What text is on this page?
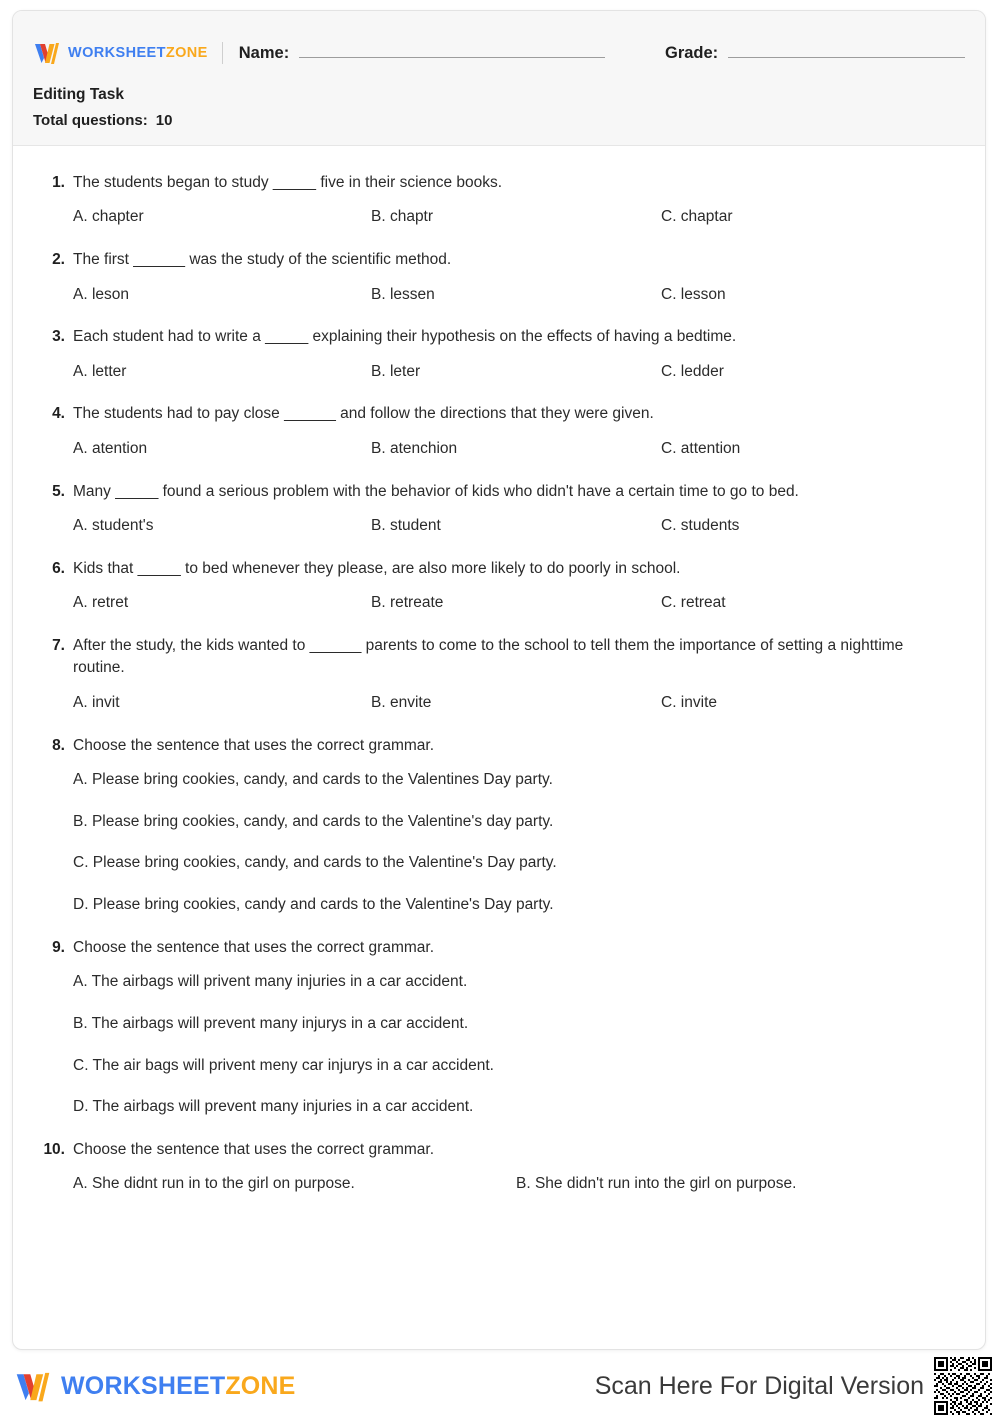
WORKSHEETZONE Name:	Grade:
Editing Task
Total questions: 10
1. The students began to study _____ five in their science books.
A. chapter	B. chaptr	C. chaptar
2. The first ______ was the study of the scientific method.
A. leson	B. lessen	C. lesson
3. Each student had to write a _____ explaining their hypothesis on the effects of having a bedtime.
A. letter	B. leter	C. ledder
4. The students had to pay close ______ and follow the directions that they were given.
A. atention	B. atenchion	C. attention
5. Many _____ found a serious problem with the behavior of kids who didn't have a certain time to go to bed.
A. student's	B. student	C. students
6. Kids that _____ to bed whenever they please, are also more likely to do poorly in school.
A. retret	B. retreate	C. retreat
7. After the study, the kids wanted to ______ parents to come to the school to tell them the importance of setting a nighttime routine.
A. invit	B. envite	C. invite
8. Choose the sentence that uses the correct grammar.
A. Please bring cookies, candy, and cards to the Valentines Day party.
B. Please bring cookies, candy, and cards to the Valentine's day party.
C. Please bring cookies, candy, and cards to the Valentine's Day party.
D. Please bring cookies, candy and cards to the Valentine's Day party.
9. Choose the sentence that uses the correct grammar.
A. The airbags will privent many injuries in a car accident.
B. The airbags will prevent many injurys in a car accident.
C. The air bags will privent meny car injurys in a car accident.
D. The airbags will prevent many injuries in a car accident.
10. Choose the sentence that uses the correct grammar.
A. She didnt run in to the girl on purpose.	B. She didn't run into the girl on purpose.
WORKSHEETZONE	Scan Here For Digital Version
